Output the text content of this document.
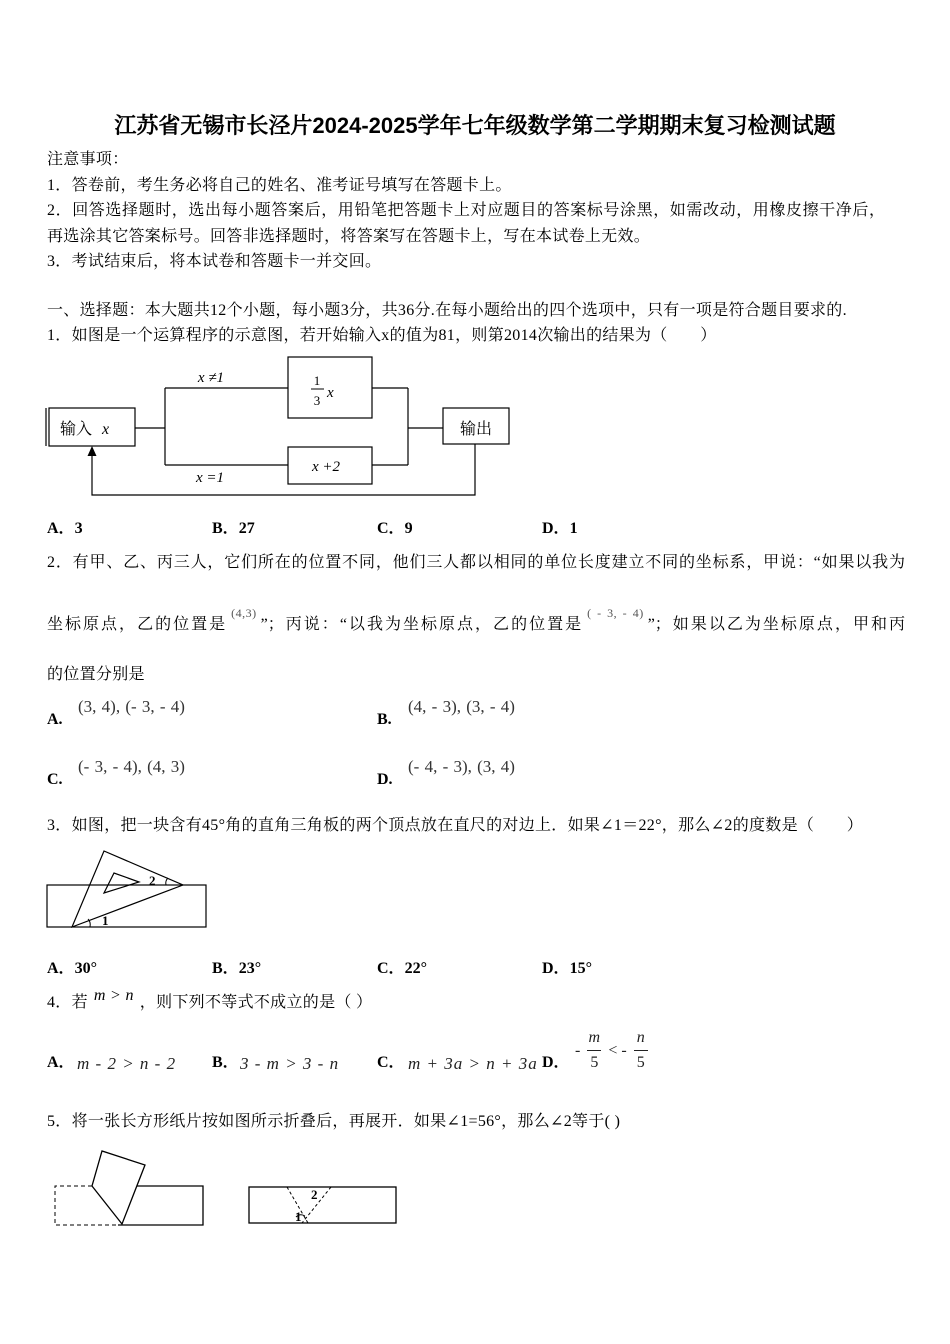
江苏省无锡市长泾片2024-2025学年七年级数学第二学期期末复习检测试题
注意事项：
1．答卷前，考生务必将自己的姓名、准考证号填写在答题卡上。
2．回答选择题时，选出每小题答案后，用铅笔把答题卡上对应题目的答案标号涂黑，如需改动，用橡皮擦干净后，
再选涂其它答案标号。回答非选择题时，将答案写在答题卡上，写在本试卷上无效。
3．考试结束后，将本试卷和答题卡一并交回。
一、选择题：本大题共12个小题，每小题3分，共36分.在每小题给出的四个选项中，只有一项是符合题目要求的.
1．如图是一个运算程序的示意图，若开始输入x的值为81，则第2014次输出的结果为（　　）
输入 x
x ≠1	1
3 x
x +2
x =1
输出
A．3	B．27	C．9	D．1
2．有甲、乙、丙三人，它们所在的位置不同，他们三人都以相同的单位长度建立不同的坐标系，甲说：“如果以我为
坐标原点，乙的位置是$^{(4,3)}$”；丙说：“以我为坐标原点，乙的位置是$^{( - 3, - 4)}$”；如果以乙为坐标原点，甲和丙
的位置分别是
A.
(3, 4), (- 3, - 4)
B.
(4, - 3), (3, - 4)
C.
(- 3, - 4), (4, 3)
D.
(- 4, - 3), (3, 4)
3．如图，把一块含有45°角的直角三角板的两个顶点放在直尺的对边上．如果∠1＝22°，那么∠2的度数是（　　）
2
1
A．30°	B．23°	C．22°	D．15°
4．若 m > n ，则下列不等式不成立的是（ ）
A． m - 2 > n - 2 B． 3 - m > 3 - n C． m + 3a > n + 3a D．
- $\frac{m}{5}$ < - $\frac{n}{5}$
5．将一张长方形纸片按如图所示折叠后，再展开．如果∠1=56°，那么∠2等于( )
2
1
